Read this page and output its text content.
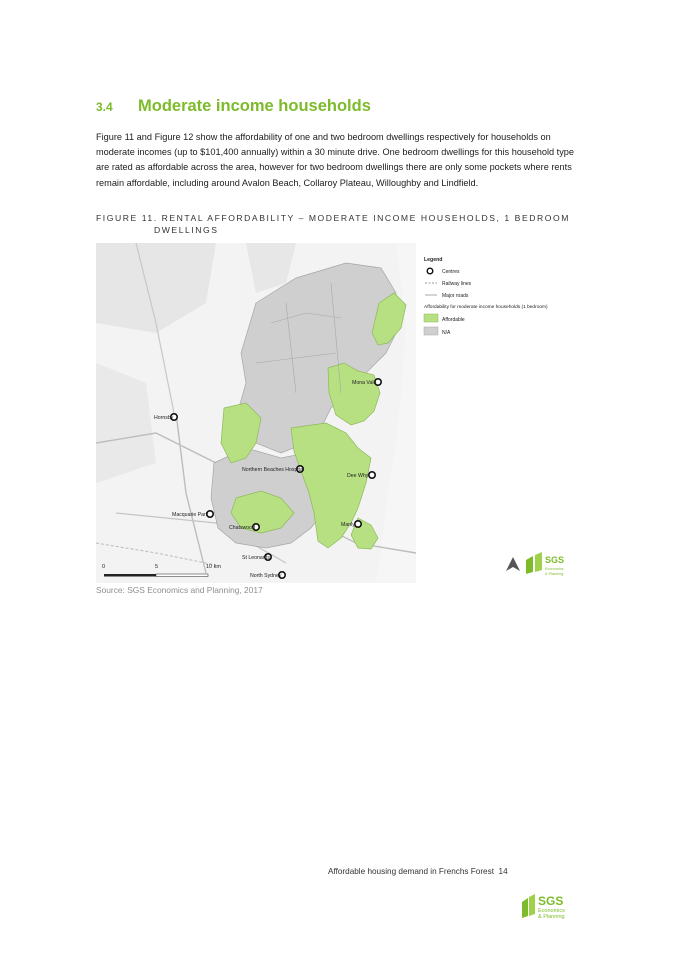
3.4	Moderate income households

Figure 11 and Figure 12 show the affordability of one and two bedroom dwellings respectively for households on moderate incomes (up to $101,400 annually) within a 30 minute drive. One bedroom dwellings for this household type are rated as affordable across the area, however for two bedroom dwellings there are only some pockets where rents remain affordable, including around Avalon Beach, Collaroy Plateau, Willoughby and Lindfield.

FIGURE 11. RENTAL AFFORDABILITY – MODERATE INCOME HOUSEHOLDS, 1 BEDROOM
DWELLINGS
Mona Vale
Hornsby
Northern Beaches Hospital
Dee Why
Macquarie Park
Chatswood	Manly
St Leonards
North Sydney
0	5	10 km
Legend
Centres
Railway lines
Major roads
Affordability for moderate income households (1 bedroom)
Affordable
N/A
SGS
Economics
& Planning
Source: SGS Economics and Planning, 2017
Affordable housing demand in Frenchs Forest 14
SGS
Economics
& Planning
